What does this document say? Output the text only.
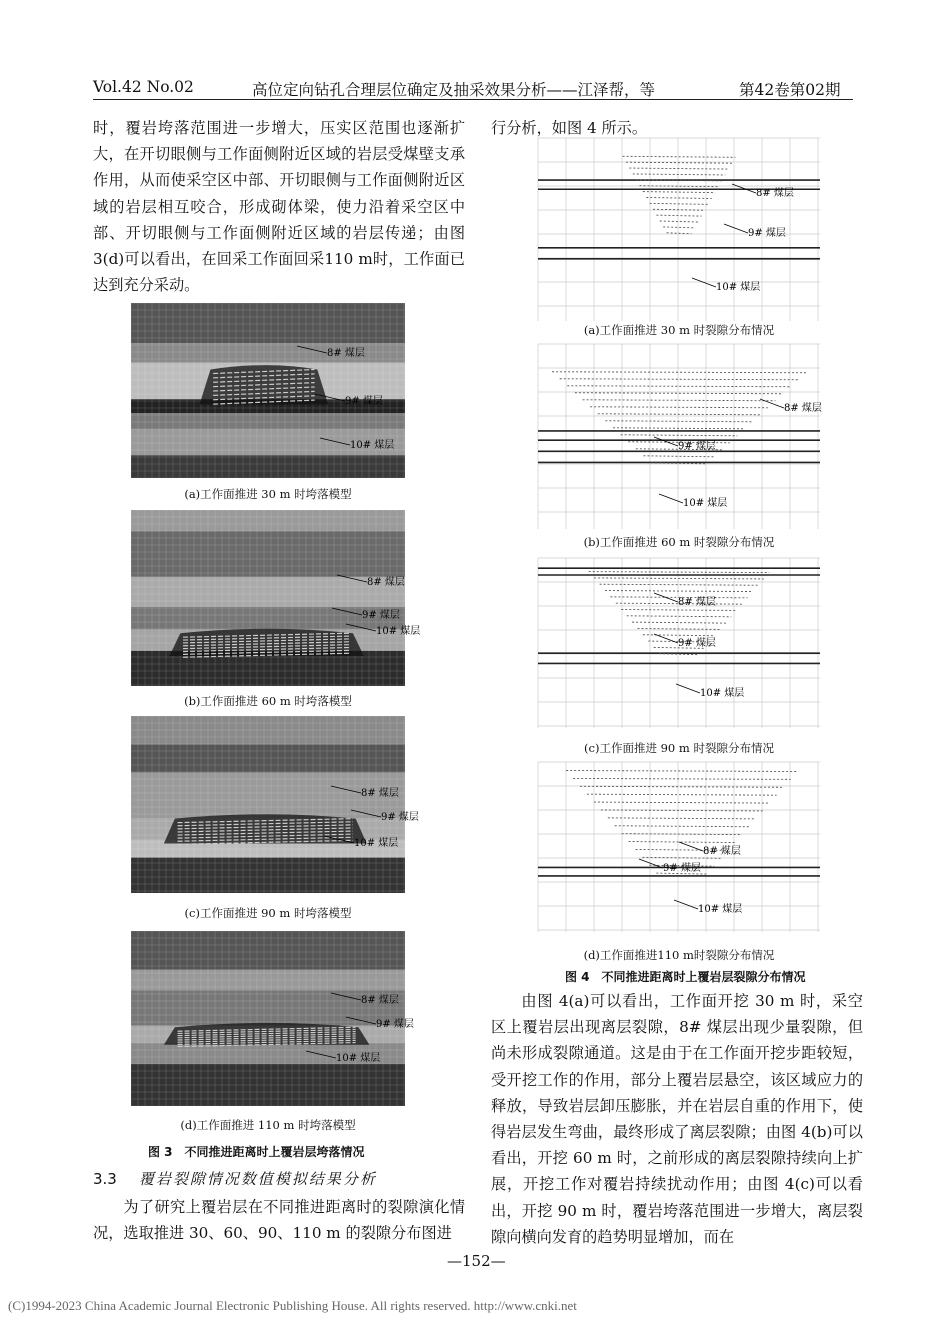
Vol.42 No.02	高位定向钻孔合理层位确定及抽采效果分析——江泽帮，等	第42卷第02期

时，覆岩垮落范围进一步增大，压实区范围也逐渐扩大，在开切眼侧与工作面侧附近区域的岩层受煤壁支承作用，从而使采空区中部、开切眼侧与工作面侧附近区域的岩层相互咬合，形成砌体梁，使力沿着采空区中部、开切眼侧与工作面侧附近区域的岩层传递；由图3(d)可以看出，在回采工作面回采110 m时，工作面已达到充分采动。

8# 煤层
9# 煤层
10# 煤层
(a)工作面推进 30 m 时垮落模型
8# 煤层
9# 煤层
10# 煤层
(b)工作面推进 60 m 时垮落模型
8# 煤层
9# 煤层
10# 煤层
(c)工作面推进 90 m 时垮落模型
8# 煤层
9# 煤层
10# 煤层
(d)工作面推进 110 m 时垮落模型
图 3　不同推进距离时上覆岩层垮落情况
3.3 覆岩裂隙情况数值模拟结果分析

为了研究上覆岩层在不同推进距离时的裂隙演化情况，选取推进 30、60、90、110 m 的裂隙分布图进

行分析，如图 4 所示。

8# 煤层
9# 煤层
10# 煤层
(a)工作面推进 30 m 时裂隙分布情况
8# 煤层
9# 煤层
10# 煤层
(b)工作面推进 60 m 时裂隙分布情况
8# 煤层
9# 煤层
10# 煤层
(c)工作面推进 90 m 时裂隙分布情况
8# 煤层
9# 煤层
10# 煤层
(d)工作面推进110 m时裂隙分布情况
图 4　不同推进距离时上覆岩层裂隙分布情况

由图 4(a)可以看出，工作面开挖 30 m 时，采空区上覆岩层出现离层裂隙，8# 煤层出现少量裂隙，但尚未形成裂隙通道。这是由于在工作面开挖步距较短，受开挖工作的作用，部分上覆岩层悬空，该区域应力的释放，导致岩层卸压膨胀，并在岩层自重的作用下，使得岩层发生弯曲，最终形成了离层裂隙；由图 4(b)可以看出，开挖 60 m 时，之前形成的离层裂隙持续向上扩展，开挖工作对覆岩持续扰动作用；由图 4(c)可以看出，开挖 90 m 时，覆岩垮落范围进一步增大，离层裂隙向横向发育的趋势明显增加，而在

—152—
(C)1994-2023 China Academic Journal Electronic Publishing House. All rights reserved. http://www.cnki.net
